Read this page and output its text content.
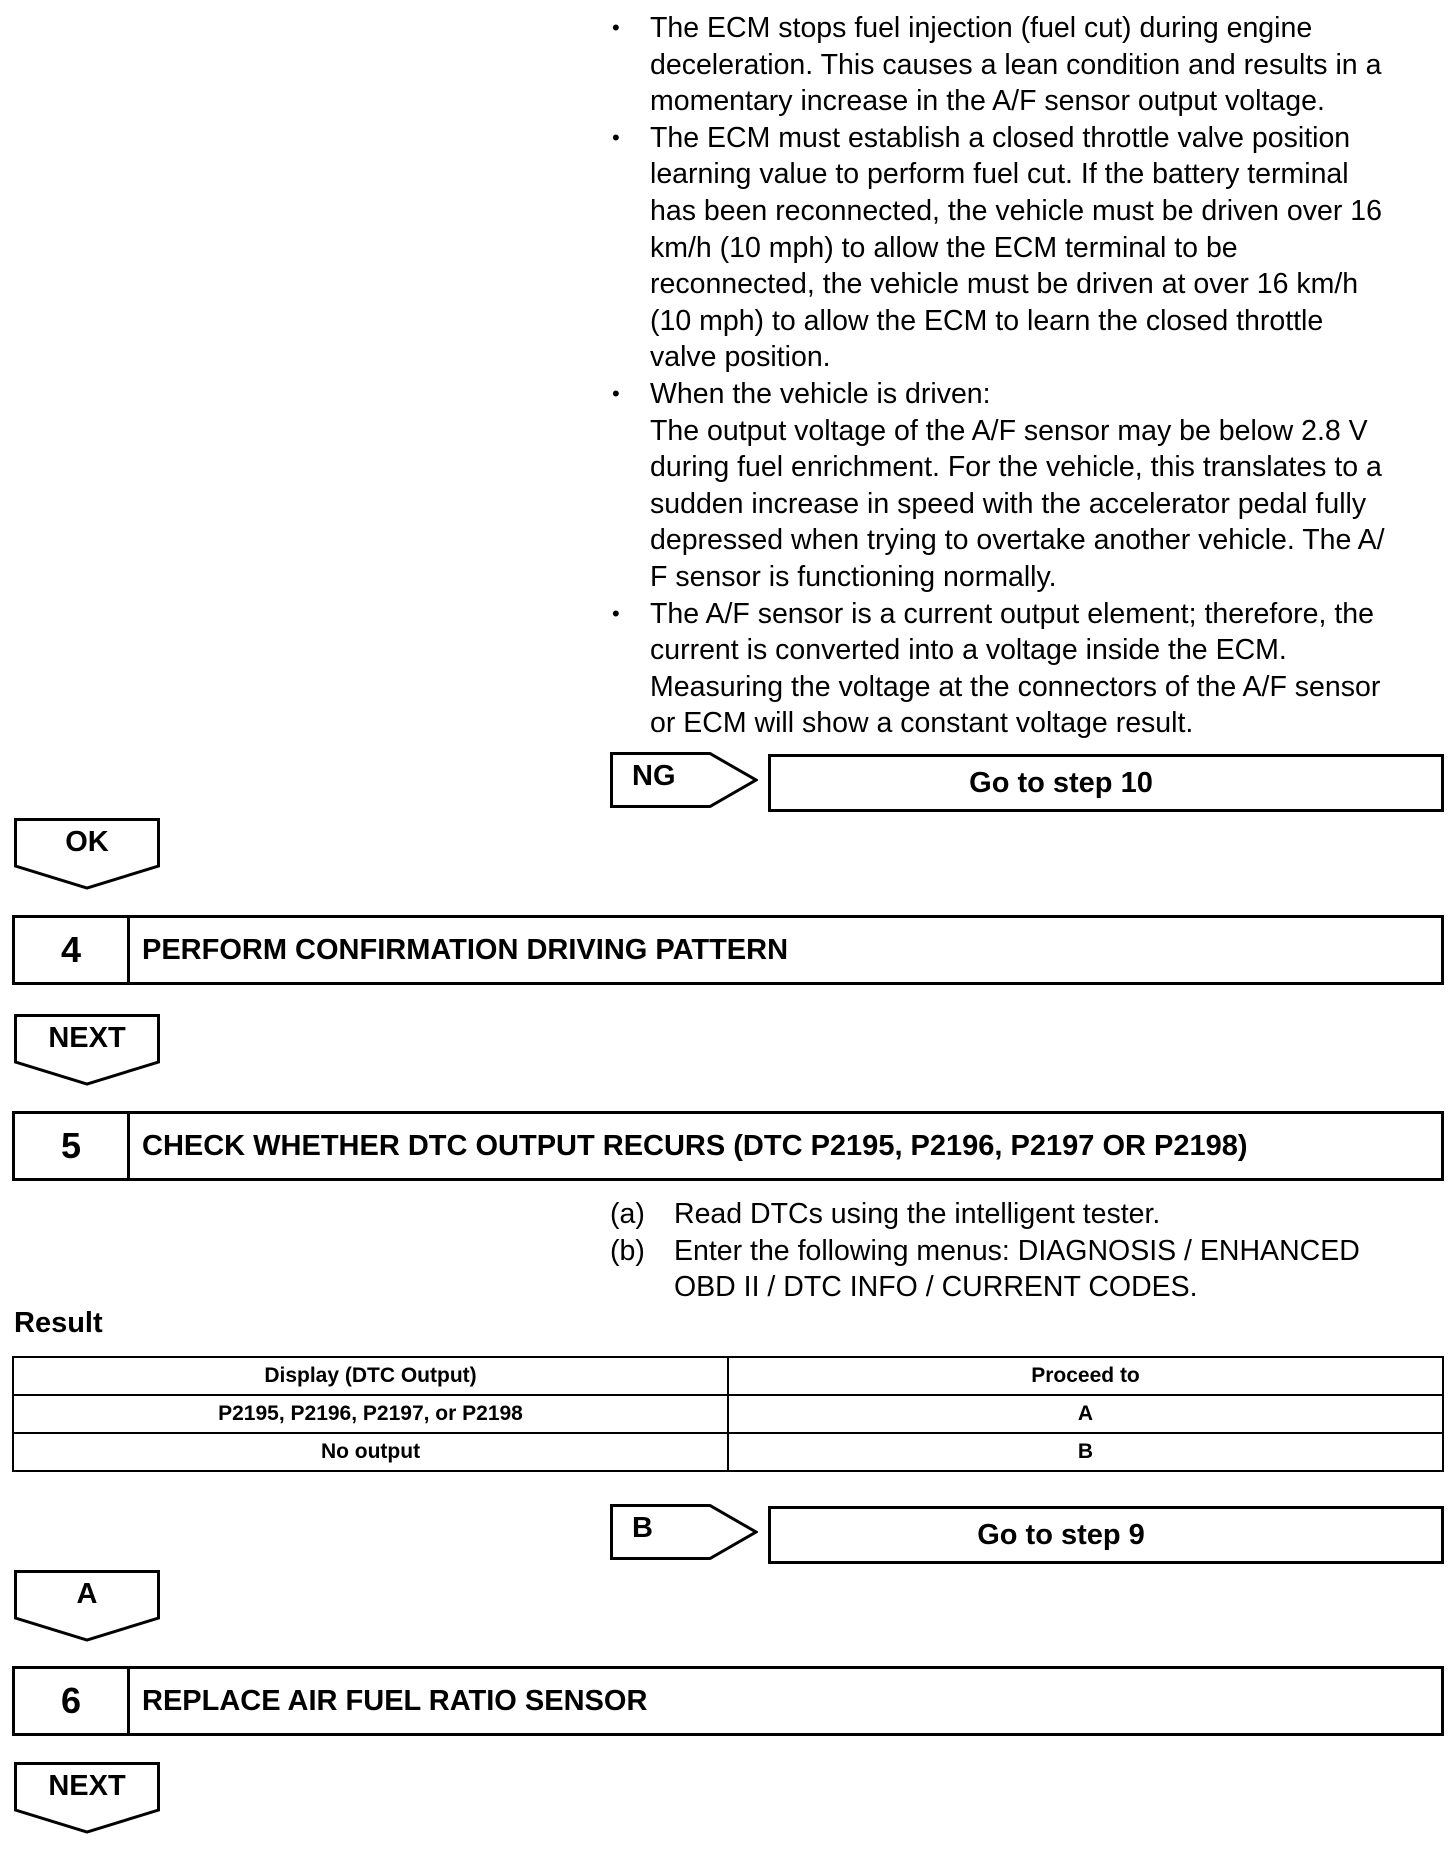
• The ECM stops fuel injection (fuel cut) during engine
deceleration. This causes a lean condition and results in a
momentary increase in the A/F sensor output voltage.
• The ECM must establish a closed throttle valve position
learning value to perform fuel cut. If the battery terminal
has been reconnected, the vehicle must be driven over 16
km/h (10 mph) to allow the ECM terminal to be
reconnected, the vehicle must be driven at over 16 km/h
(10 mph) to allow the ECM to learn the closed throttle
valve position.
• When the vehicle is driven:
The output voltage of the A/F sensor may be below 2.8 V
during fuel enrichment. For the vehicle, this translates to a
sudden increase in speed with the accelerator pedal fully
depressed when trying to overtake another vehicle. The A/
F sensor is functioning normally.
• The A/F sensor is a current output element; therefore, the
current is converted into a voltage inside the ECM.
Measuring the voltage at the connectors of the A/F sensor
or ECM will show a constant voltage result.
NG	Go to step 10
OK
4	PERFORM CONFIRMATION DRIVING PATTERN
NEXT
5	CHECK WHETHER DTC OUTPUT RECURS (DTC P2195, P2196, P2197 OR P2198)
(a)	Read DTCs using the intelligent tester.
(b)	Enter the following menus: DIAGNOSIS / ENHANCED
OBD II / DTC INFO / CURRENT CODES.
Result
Display (DTC Output)	Proceed to
P2195, P2196, P2197, or P2198	A
No output	B
B	Go to step 9
A
6	REPLACE AIR FUEL RATIO SENSOR
NEXT
